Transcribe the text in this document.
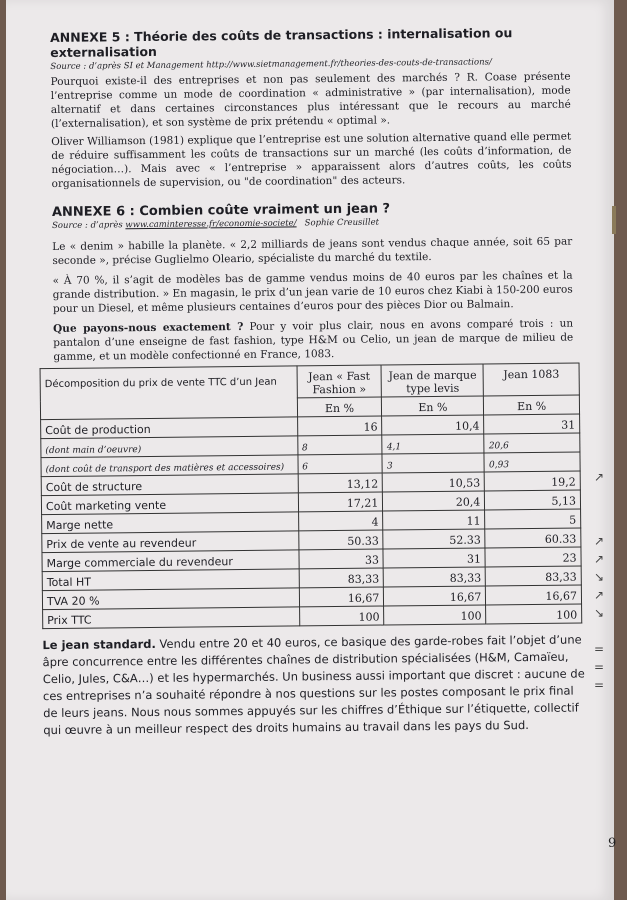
ANNEXE 5 : Théorie des coûts de transactions : internalisation ou externalisation
Source : d’après SI et Management http://www.sietmanagement.fr/theories-des-couts-de-transactions/

Pourquoi existe-il des entreprises et non pas seulement des marchés ? R. Coase présente l’entreprise comme un mode de coordination « administrative » (par internalisation), mode alternatif et dans certaines circonstances plus intéressant que le recours au marché (l’externalisation), et son système de prix prétendu « optimal ».

Oliver Williamson (1981) explique que l’entreprise est une solution alternative quand elle permet de réduire suffisamment les coûts de transactions sur un marché (les coûts d’information, de négociation…). Mais avec « l’entreprise » apparaissent alors d’autres coûts, les coûts organisationnels de supervision, ou "de coordination" des acteurs.

ANNEXE 6 : Combien coûte vraiment un jean ?
Source : d’après www.caminteresse.fr/economie-societe/ Sophie Creusillet

Le « denim » habille la planète. « 2,2 milliards de jeans sont vendus chaque année, soit 65 par seconde », précise Guglielmo Oleario, spécialiste du marché du textile.

« À 70 %, il s’agit de modèles bas de gamme vendus moins de 40 euros par les chaînes et la grande distribution. » En magasin, le prix d’un jean varie de 10 euros chez Kiabi à 150-200 euros pour un Diesel, et même plusieurs centaines d’euros pour des pièces Dior ou Balmain.

Que payons-nous exactement ? Pour y voir plus clair, nous en avons comparé trois : un pantalon d’une enseigne de fast fashion, type H&M ou Celio, un jean de marque de milieu de gamme, et un modèle confectionné en France, 1083.

Décomposition du prix de vente TTC d’un Jean	Jean « Fast Fashion »	Jean de marque type levis	Jean 1083
	En %	En %	En %
Coût de production	16	10,4	31
(dont main d’oeuvre)	8	4,1	20,6
(dont coût de transport des matières et accessoires)	6	3	0,93
Coût de structure	13,12	10,53	19,2
Coût marketing vente	17,21	20,4	5,13
Marge nette	4	11	5
Prix de vente au revendeur	50.33	52.33	60.33
Marge commerciale du revendeur	33	31	23
Total HT	83,33	83,33	83,33
TVA 20 %	16,67	16,67	16,67
Prix TTC	100	100	100

Le jean standard. Vendu entre 20 et 40 euros, ce basique des garde-robes fait l’objet d’une âpre concurrence entre les différentes chaînes de distribution spécialisées (H&M, Camaïeu, Celio, Jules, C&A…) et les hypermarchés. Un business aussi important que discret : aucune de ces entreprises n’a souhaité répondre à nos questions sur les postes composant le prix final de leurs jeans. Nous nous sommes appuyés sur les chiffres d’Éthique sur l’étiquette, collectif qui œuvre à un meilleur respect des droits humains au travail dans les pays du Sud.

9
↗
↗
↗
↘
↗
↘
=
=
=
